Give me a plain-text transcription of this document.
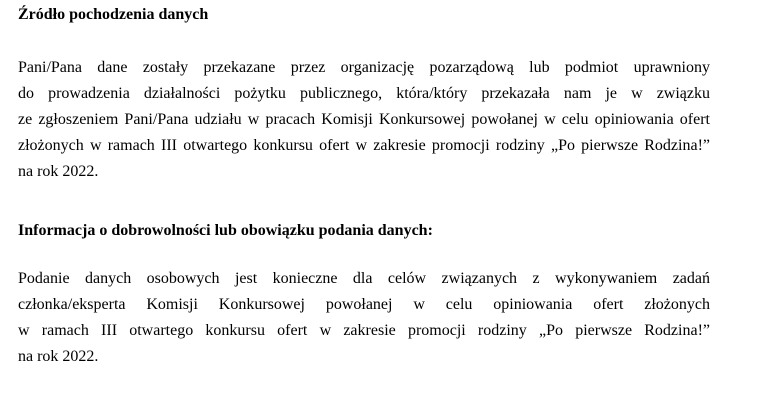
Źródło pochodzenia danych
Pani/Pana dane zostały przekazane przez organizację pozarządową lub podmiot uprawniony
do prowadzenia działalności pożytku publicznego, która/który przekazała nam je w związku
ze zgłoszeniem Pani/Pana udziału w pracach Komisji Konkursowej powołanej w celu opiniowania ofert
złożonych w ramach III otwartego konkursu ofert w zakresie promocji rodziny „Po pierwsze Rodzina!”
na rok 2022.
Informacja o dobrowolności lub obowiązku podania danych:
Podanie danych osobowych jest konieczne dla celów związanych z wykonywaniem zadań
członka/eksperta Komisji Konkursowej powołanej w celu opiniowania ofert złożonych
w ramach III otwartego konkursu ofert w zakresie promocji rodziny „Po pierwsze Rodzina!”
na rok 2022.
